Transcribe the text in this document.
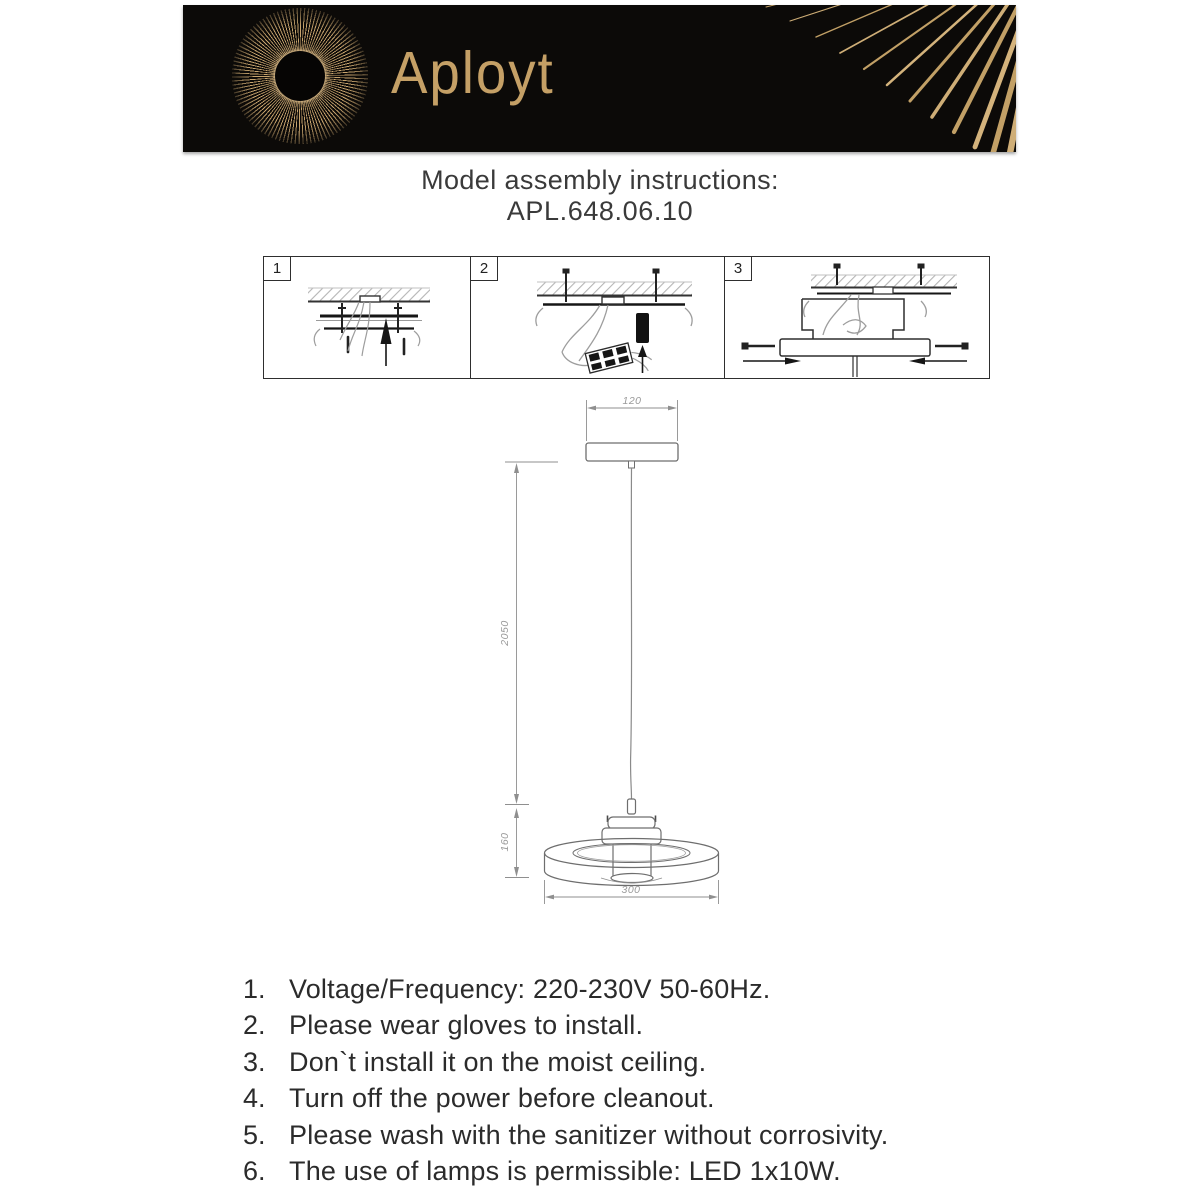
Aployt
Model assembly instructions:
APL.648.06.10
1	2	3
120
2050
160
300
1. Voltage/Frequency: 220-230V 50-60Hz.
2. Please wear gloves to install.
3. Don`t install it on the moist ceiling.
4. Turn off the power before cleanout.
5. Please wash with the sanitizer without corrosivity.
6. The use of lamps is permissible: LED 1x10W.
